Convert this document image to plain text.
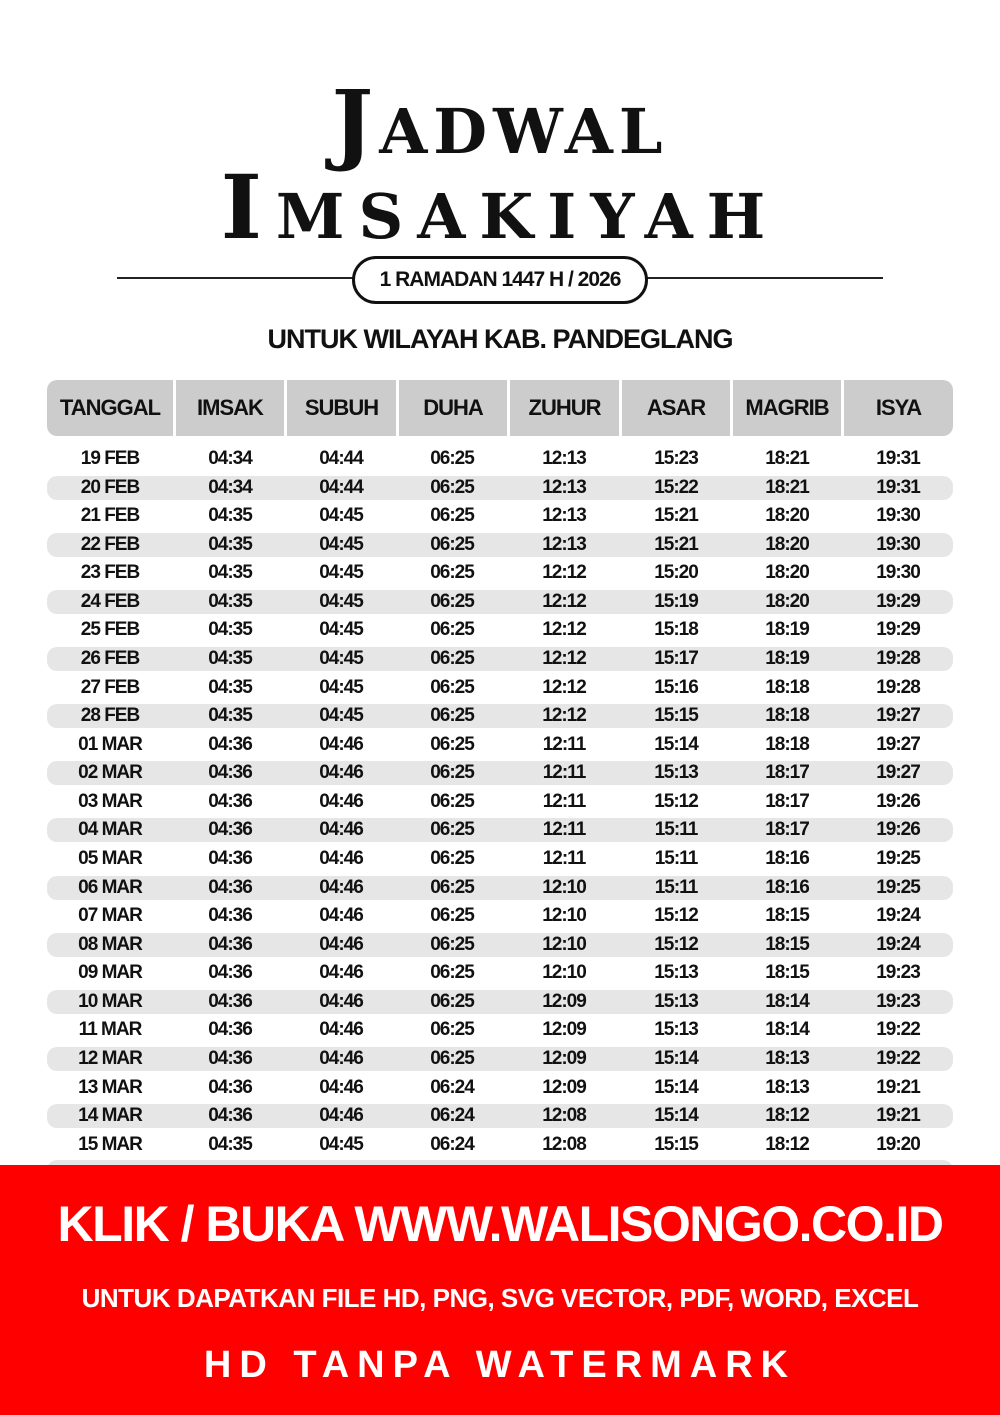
JADWAL
IMSAKIYAH
1 RAMADAN 1447 H / 2026
UNTUK WILAYAH KAB. PANDEGLANG
TANGGAL IMSAK SUBUH DUHA ZUHUR ASAR MAGRIB ISYA
19 FEB	04:34	04:44	06:25	12:13	15:23	18:21	19:31
20 FEB	04:34	04:44	06:25	12:13	15:22	18:21	19:31
21 FEB	04:35	04:45	06:25	12:13	15:21	18:20	19:30
22 FEB	04:35	04:45	06:25	12:13	15:21	18:20	19:30
23 FEB	04:35	04:45	06:25	12:12	15:20	18:20	19:30
24 FEB	04:35	04:45	06:25	12:12	15:19	18:20	19:29
25 FEB	04:35	04:45	06:25	12:12	15:18	18:19	19:29
26 FEB	04:35	04:45	06:25	12:12	15:17	18:19	19:28
27 FEB	04:35	04:45	06:25	12:12	15:16	18:18	19:28
28 FEB	04:35	04:45	06:25	12:12	15:15	18:18	19:27
01 MAR	04:36	04:46	06:25	12:11	15:14	18:18	19:27
02 MAR	04:36	04:46	06:25	12:11	15:13	18:17	19:27
03 MAR	04:36	04:46	06:25	12:11	15:12	18:17	19:26
04 MAR	04:36	04:46	06:25	12:11	15:11	18:17	19:26
05 MAR	04:36	04:46	06:25	12:11	15:11	18:16	19:25
06 MAR	04:36	04:46	06:25	12:10	15:11	18:16	19:25
07 MAR	04:36	04:46	06:25	12:10	15:12	18:15	19:24
08 MAR	04:36	04:46	06:25	12:10	15:12	18:15	19:24
09 MAR	04:36	04:46	06:25	12:10	15:13	18:15	19:23
10 MAR	04:36	04:46	06:25	12:09	15:13	18:14	19:23
11 MAR	04:36	04:46	06:25	12:09	15:13	18:14	19:22
12 MAR	04:36	04:46	06:25	12:09	15:14	18:13	19:22
13 MAR	04:36	04:46	06:24	12:09	15:14	18:13	19:21
14 MAR	04:36	04:46	06:24	12:08	15:14	18:12	19:21
15 MAR	04:35	04:45	06:24	12:08	15:15	18:12	19:20
KLIK / BUKA WWW.WALISONGO.CO.ID
UNTUK DAPATKAN FILE HD, PNG, SVG VECTOR, PDF, WORD, EXCEL
HD TANPA WATERMARK
